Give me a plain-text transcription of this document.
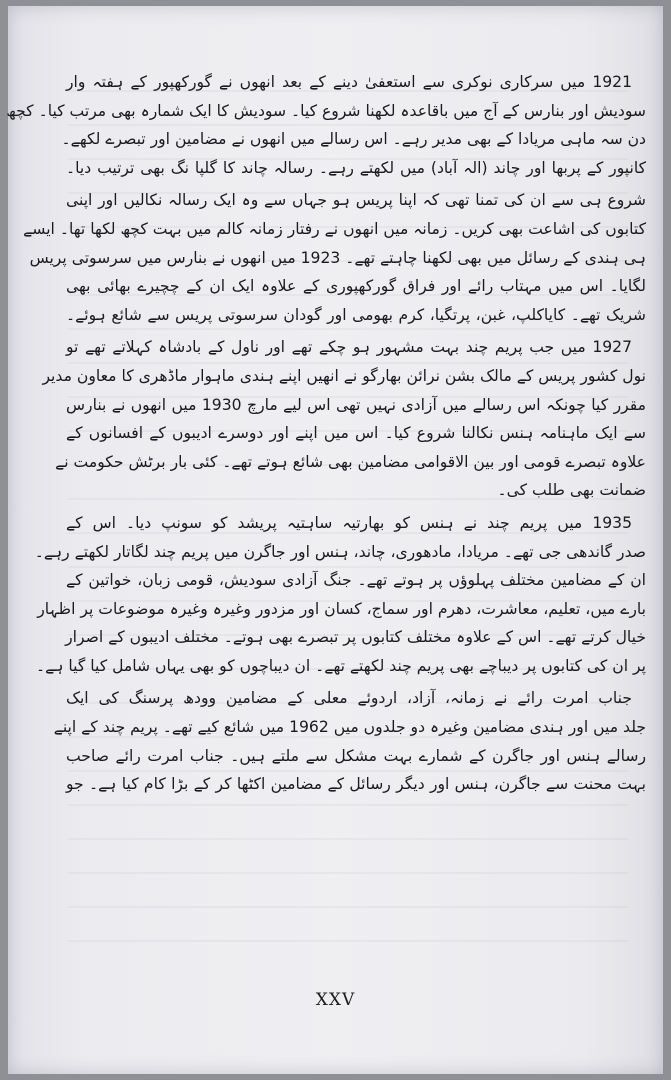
1921 میں سرکاری نوکری سے استعفیٰ دینے کے بعد انھوں نے گورکھپور کے ہفتہ وار
سودیش اور بنارس کے آج میں باقاعدہ لکھنا شروع کیا۔ سودیش کا ایک شمارہ بھی مرتب کیا۔ کچھ
دن سہ ماہی مریادا کے بھی مدیر رہے۔ اس رسالے میں انھوں نے مضامین اور تبصرے لکھے۔
کانپور کے پربھا اور چاند (الہ آباد) میں لکھتے رہے۔ رسالہ چاند کا گلپا نگ بھی ترتیب دیا۔
شروع ہی سے ان کی تمنا تھی کہ اپنا پریس ہو جہاں سے وہ ایک رسالہ نکالیں اور اپنی
کتابوں کی اشاعت بھی کریں۔ زمانہ میں انھوں نے رفتار زمانہ کالم میں بہت کچھ لکھا تھا۔ ایسے
ہی ہندی کے رسائل میں بھی لکھنا چاہتے تھے۔ 1923 میں انھوں نے بنارس میں سرسوتی پریس
لگایا۔ اس میں مہتاب رائے اور فراق گورکھپوری کے علاوہ ایک ان کے چچیرے بھائی بھی
شریک تھے۔ کایاکلپ، غبن، پرتگیا، کرم بھومی اور گودان سرسوتی پریس سے شائع ہوئے۔
1927 میں جب پریم چند بہت مشہور ہو چکے تھے اور ناول کے بادشاہ کہلاتے تھے تو
نول کشور پریس کے مالک بشن نرائن بھارگو نے انھیں اپنے ہندی ماہوار ماڈھری کا معاون مدیر
مقرر کیا چونکہ اس رسالے میں آزادی نہیں تھی اس لیے مارچ 1930 میں انھوں نے بنارس
سے ایک ماہنامہ ہنس نکالنا شروع کیا۔ اس میں اپنے اور دوسرے ادیبوں کے افسانوں کے
علاوہ تبصرے قومی اور بین الاقوامی مضامین بھی شائع ہوتے تھے۔ کئی بار برٹش حکومت نے
ضمانت بھی طلب کی۔
1935 میں پریم چند نے ہنس کو بھارتیہ ساہتیہ پریشد کو سونپ دیا۔ اس کے
صدر گاندھی جی تھے۔ مریادا، مادھوری، چاند، ہنس اور جاگرن میں پریم چند لگاتار لکھتے رہے۔
ان کے مضامین مختلف پہلوؤں پر ہوتے تھے۔ جنگ آزادی سودیش، قومی زبان، خواتین کے
بارے میں، تعلیم، معاشرت، دھرم اور سماج، کسان اور مزدور وغیرہ وغیرہ موضوعات پر اظہار
خیال کرتے تھے۔ اس کے علاوہ مختلف کتابوں پر تبصرے بھی ہوتے۔ مختلف ادیبوں کے اصرار
پر ان کی کتابوں پر دیباچے بھی پریم چند لکھتے تھے۔ ان دیباچوں کو بھی یہاں شامل کیا گیا ہے۔
جناب امرت رائے نے زمانہ، آزاد، اردوئے معلی کے مضامین وودھ پرسنگ کی ایک
جلد میں اور ہندی مضامین وغیرہ دو جلدوں میں 1962 میں شائع کیے تھے۔ پریم چند کے اپنے
رسالے ہنس اور جاگرن کے شمارے بہت مشکل سے ملتے ہیں۔ جناب امرت رائے صاحب
بہت محنت سے جاگرن، ہنس اور دیگر رسائل کے مضامین اکٹھا کر کے بڑا کام کیا ہے۔ جو
XXV
